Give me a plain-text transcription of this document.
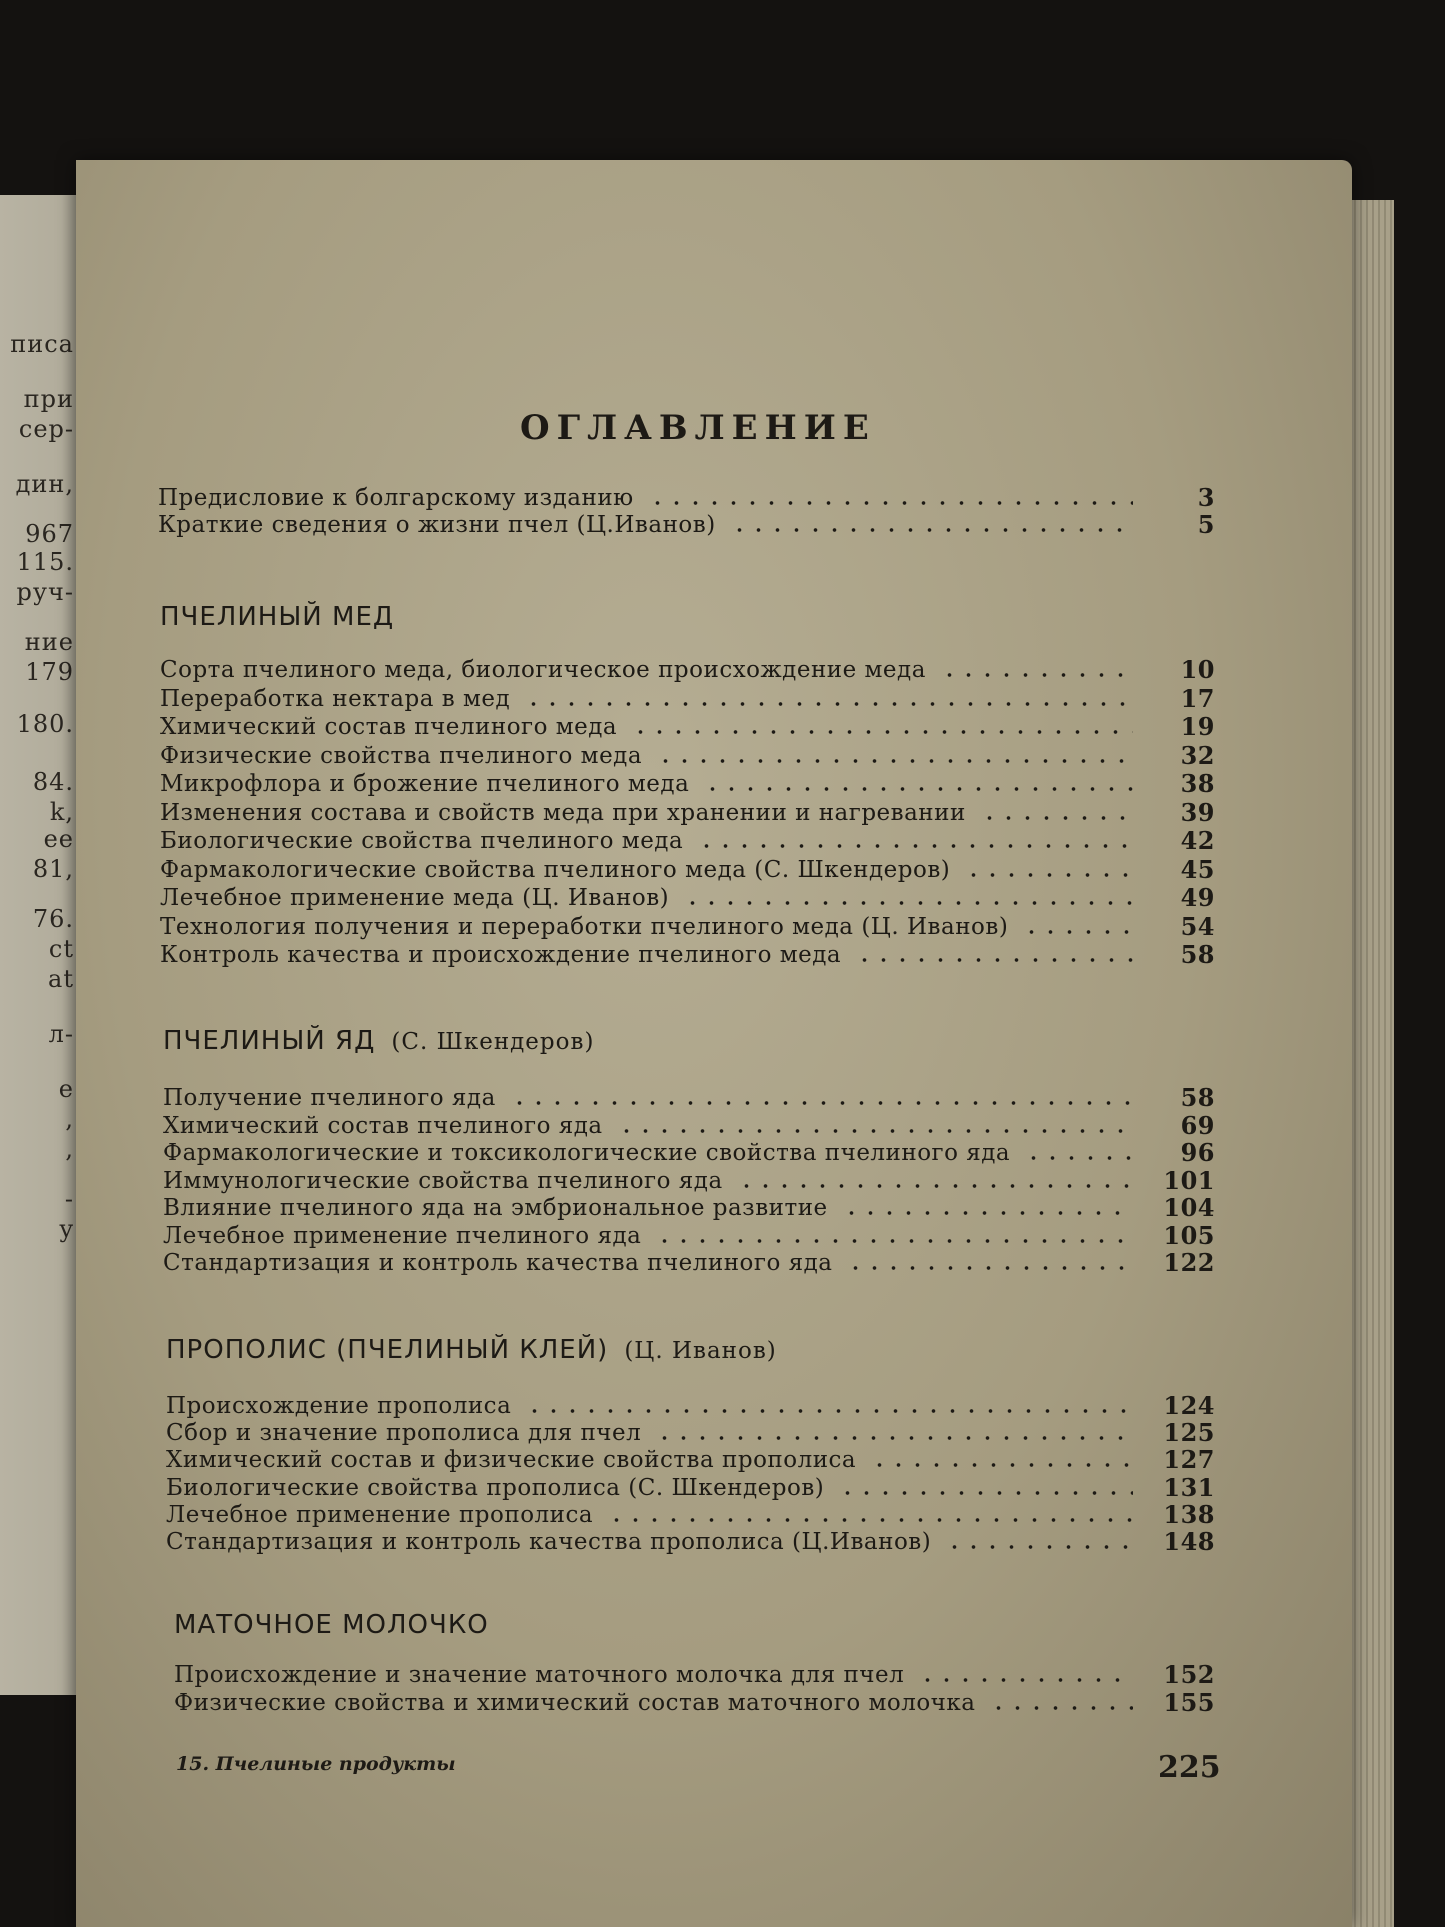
писа
при
сер-
дин,
967
115.
руч-
ние
179
180.
84.
k,
ее
81,
76.
ct
at
л-
e
,
,
-
y
ОГЛАВЛЕНИЕ
15. Пчелиные продукты	225
Предисловие к болгарскому изданию	3
Краткие сведения о жизни пчел (Ц.Иванов)	5
ПЧЕЛИНЫЙ МЕД
Сорта пчелиного меда, биологическое происхождение меда	10
Переработка нектара в мед	17
Химический состав пчелиного меда	19
Физические свойства пчелиного меда	32
Микрофлора и брожение пчелиного меда	38
Изменения состава и свойств меда при хранении и нагревании	39
Биологические свойства пчелиного меда	42
Фармакологические свойства пчелиного меда (С. Шкендеров)	45
Лечебное применение меда (Ц. Иванов)	49
Технология получения и переработки пчелиного меда (Ц. Иванов)	54
Контроль качества и происхождение пчелиного меда	58
ПЧЕЛИНЫЙ ЯД (С. Шкендеров)
Получение пчелиного яда	58
Химический состав пчелиного яда	69
Фармакологические и токсикологические свойства пчелиного яда	96
Иммунологические свойства пчелиного яда	101
Влияние пчелиного яда на эмбриональное развитие	104
Лечебное применение пчелиного яда	105
Стандартизация и контроль качества пчелиного яда	122
ПРОПОЛИС (ПЧЕЛИНЫЙ КЛЕЙ) (Ц. Иванов)
Происхождение прополиса	124
Сбор и значение прополиса для пчел	125
Химический состав и физические свойства прополиса	127
Биологические свойства прополиса (С. Шкендеров)	131
Лечебное применение прополиса	138
Стандартизация и контроль качества прополиса (Ц.Иванов)	148
МАТОЧНОЕ МОЛОЧКО
Происхождение и значение маточного молочка для пчел	152
Физические свойства и химический состав маточного молочка	155
